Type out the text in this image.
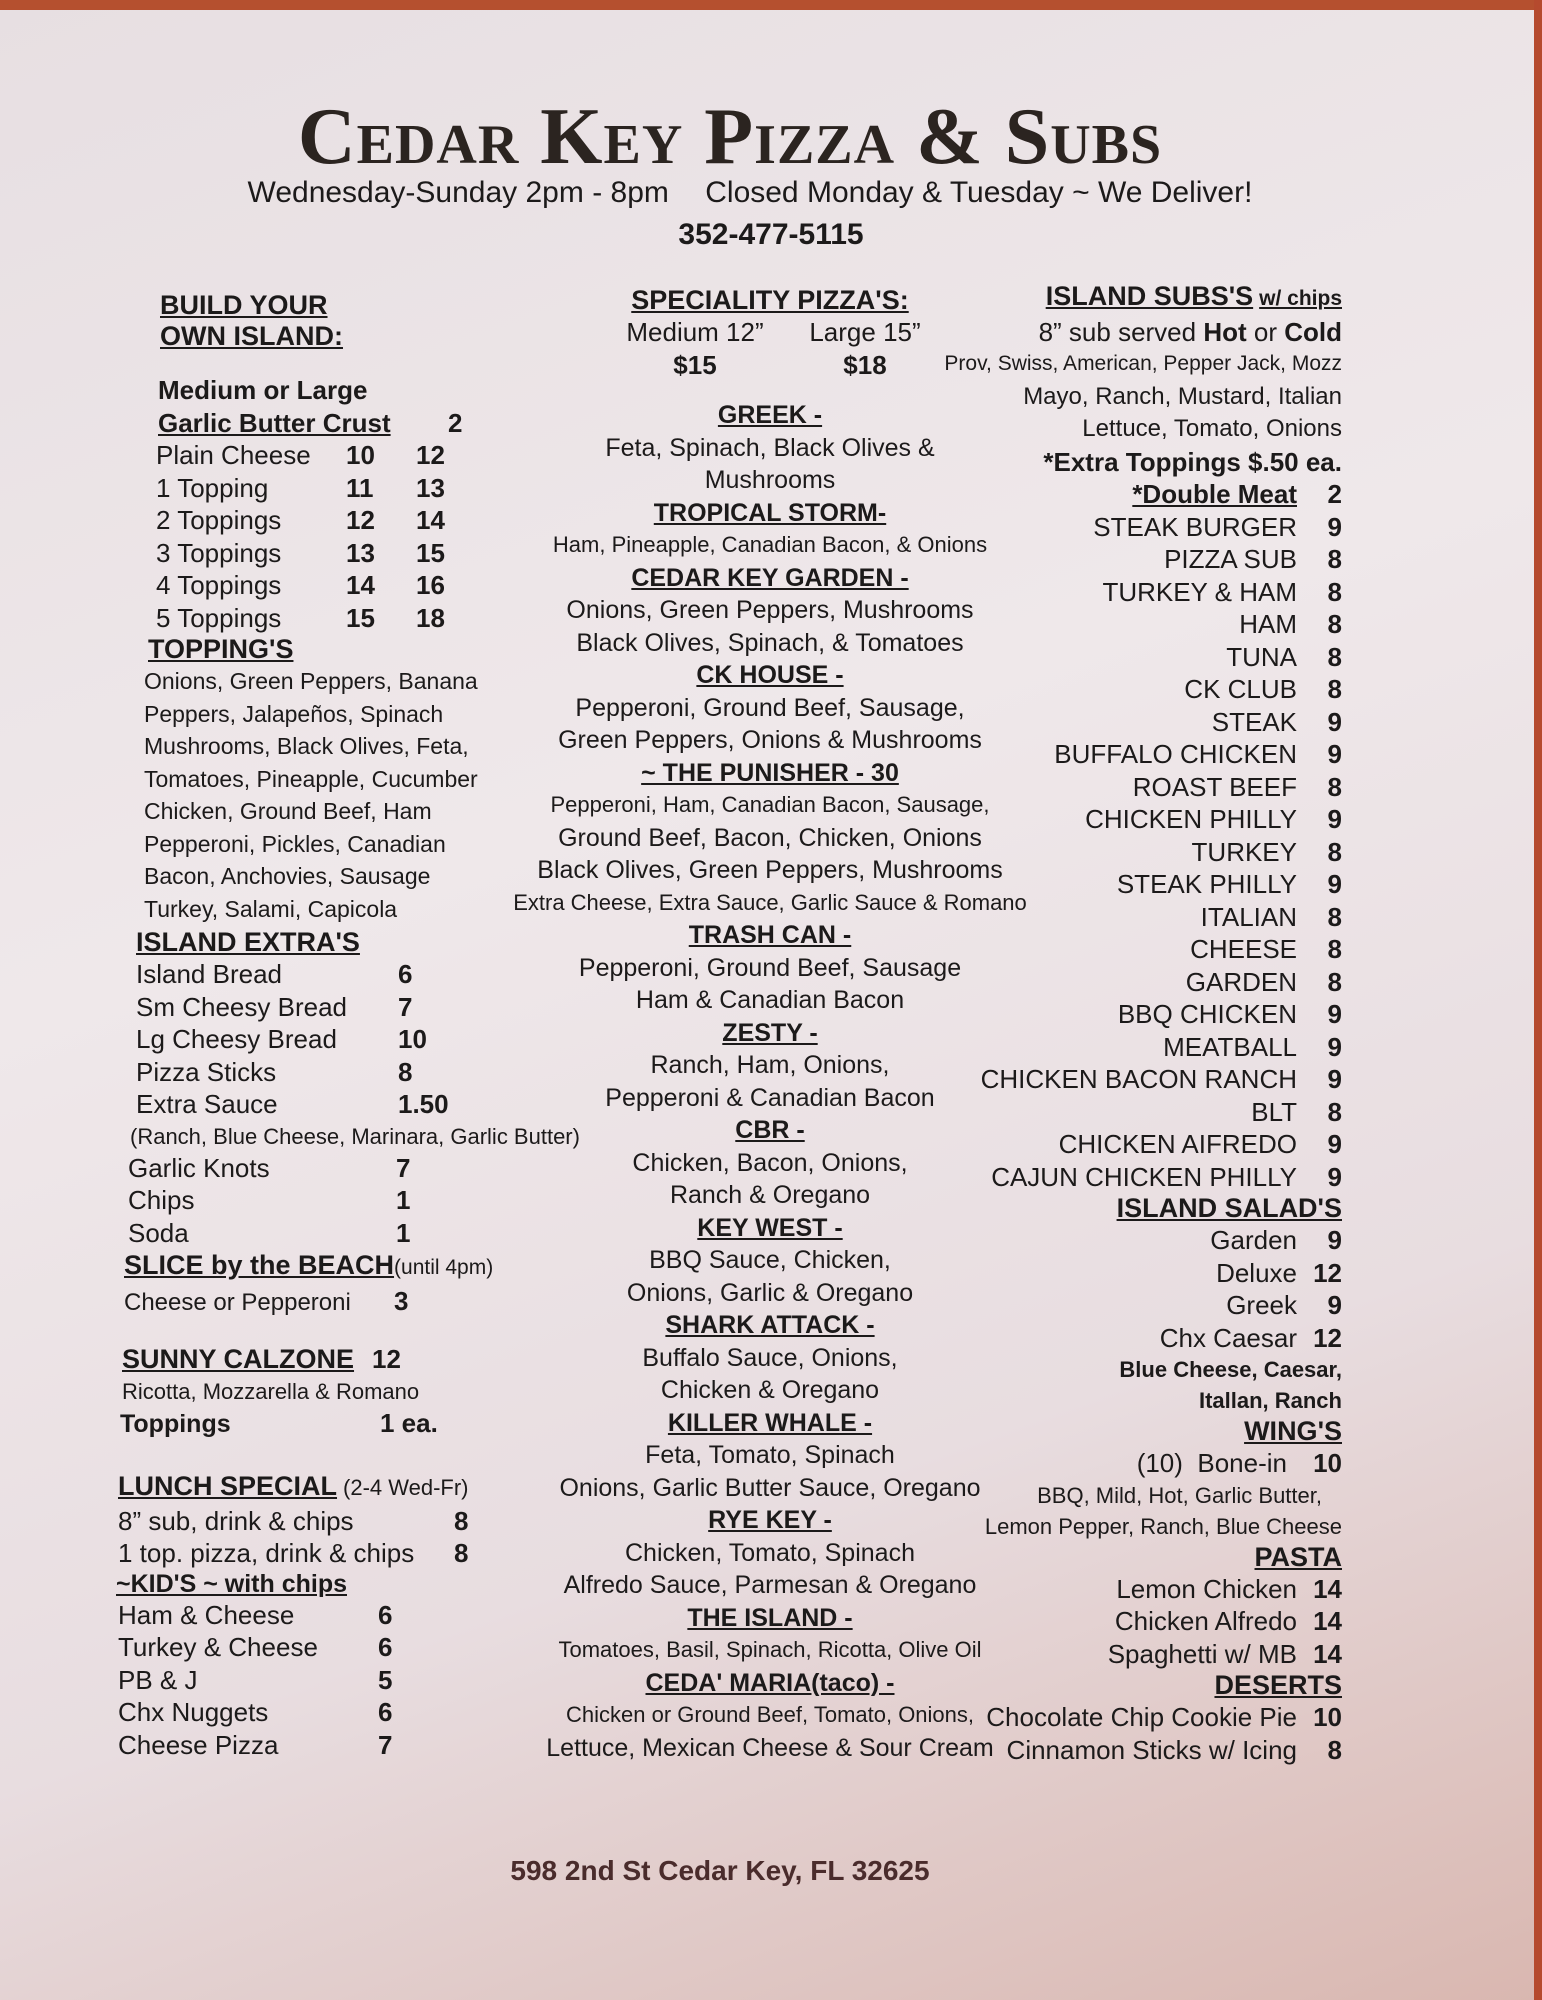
Cedar Key Pizza & Subs
Wednesday-Sunday 2pm - 8pm Closed Monday & Tuesday ~ We Deliver!
352-477-5115
BUILD YOUR
OWN ISLAND:
Medium or Large
Garlic Butter Crust	2
Plain Cheese	10	12
1 Topping	11	13
2 Toppings	12	14
3 Toppings	13	15
4 Toppings	14	16
5 Toppings	15	18
TOPPING'S
Onions, Green Peppers, Banana
Peppers, Jalapeños, Spinach
Mushrooms, Black Olives, Feta,
Tomatoes, Pineapple, Cucumber
Chicken, Ground Beef, Ham
Pepperoni, Pickles, Canadian
Bacon, Anchovies, Sausage
Turkey, Salami, Capicola
ISLAND EXTRA'S
Island Bread	6
Sm Cheesy Bread	7
Lg Cheesy Bread	10
Pizza Sticks	8
Extra Sauce	1.50
(Ranch, Blue Cheese, Marinara, Garlic Butter)
Garlic Knots	7
Chips	1
Soda	1
SLICE by the BEACH (until 4pm)
Cheese or Pepperoni	3
SUNNY CALZONE 12
Ricotta, Mozzarella & Romano
Toppings	1 ea.
LUNCH SPECIAL (2-4 Wed-Fr)
8” sub, drink & chips	8
1 top. pizza, drink & chips	8
~KID'S ~ with chips
Ham & Cheese	6
Turkey & Cheese	6
PB & J	5
Chx Nuggets	6
Cheese Pizza	7
SPECIALITY PIZZA'S:
Medium 12”	Large 15”
$15	$18
GREEK -
Feta, Spinach, Black Olives &
Mushrooms
TROPICAL STORM-
Ham, Pineapple, Canadian Bacon, & Onions
CEDAR KEY GARDEN -
Onions, Green Peppers, Mushrooms
Black Olives, Spinach, & Tomatoes
CK HOUSE -
Pepperoni, Ground Beef, Sausage,
Green Peppers, Onions & Mushrooms
~ THE PUNISHER - 30
Pepperoni, Ham, Canadian Bacon, Sausage,
Ground Beef, Bacon, Chicken, Onions
Black Olives, Green Peppers, Mushrooms
Extra Cheese, Extra Sauce, Garlic Sauce & Romano
TRASH CAN -
Pepperoni, Ground Beef, Sausage
Ham & Canadian Bacon
ZESTY -
Ranch, Ham, Onions,
Pepperoni & Canadian Bacon
CBR -
Chicken, Bacon, Onions,
Ranch & Oregano
KEY WEST -
BBQ Sauce, Chicken,
Onions, Garlic & Oregano
SHARK ATTACK -
Buffalo Sauce, Onions,
Chicken & Oregano
KILLER WHALE -
Feta, Tomato, Spinach
Onions, Garlic Butter Sauce, Oregano
RYE KEY -
Chicken, Tomato, Spinach
Alfredo Sauce, Parmesan & Oregano
THE ISLAND -
Tomatoes, Basil, Spinach, Ricotta, Olive Oil
CEDA' MARIA(taco) -
Chicken or Ground Beef, Tomato, Onions,
Lettuce, Mexican Cheese & Sour Cream
ISLAND SUBS'S w/ chips
8” sub served Hot or Cold
Prov, Swiss, American, Pepper Jack, Mozz
Mayo, Ranch, Mustard, Italian
Lettuce, Tomato, Onions
*Extra Toppings $.50 ea.
*Double Meat	2
STEAK BURGER	9
PIZZA SUB	8
TURKEY & HAM	8
HAM	8
TUNA	8
CK CLUB	8
STEAK	9
BUFFALO CHICKEN	9
ROAST BEEF	8
CHICKEN PHILLY	9
TURKEY	8
STEAK PHILLY	9
ITALIAN	8
CHEESE	8
GARDEN	8
BBQ CHICKEN	9
MEATBALL	9
CHICKEN BACON RANCH	9
BLT	8
CHICKEN AIFREDO	9
CAJUN CHICKEN PHILLY	9
ISLAND SALAD'S
Garden	9
Deluxe 12
Greek	9
Chx Caesar 12
Blue Cheese, Caesar,
Itallan, Ranch
WING'S
(10)  Bone-in	10
BBQ, Mild, Hot, Garlic Butter,
Lemon Pepper, Ranch, Blue Cheese
PASTA
Lemon Chicken 14
Chicken Alfredo 14
Spaghetti w/ MB 14
DESERTS
Chocolate Chip Cookie Pie 10
Cinnamon Sticks w/ Icing	8
598 2nd St Cedar Key, FL 32625
